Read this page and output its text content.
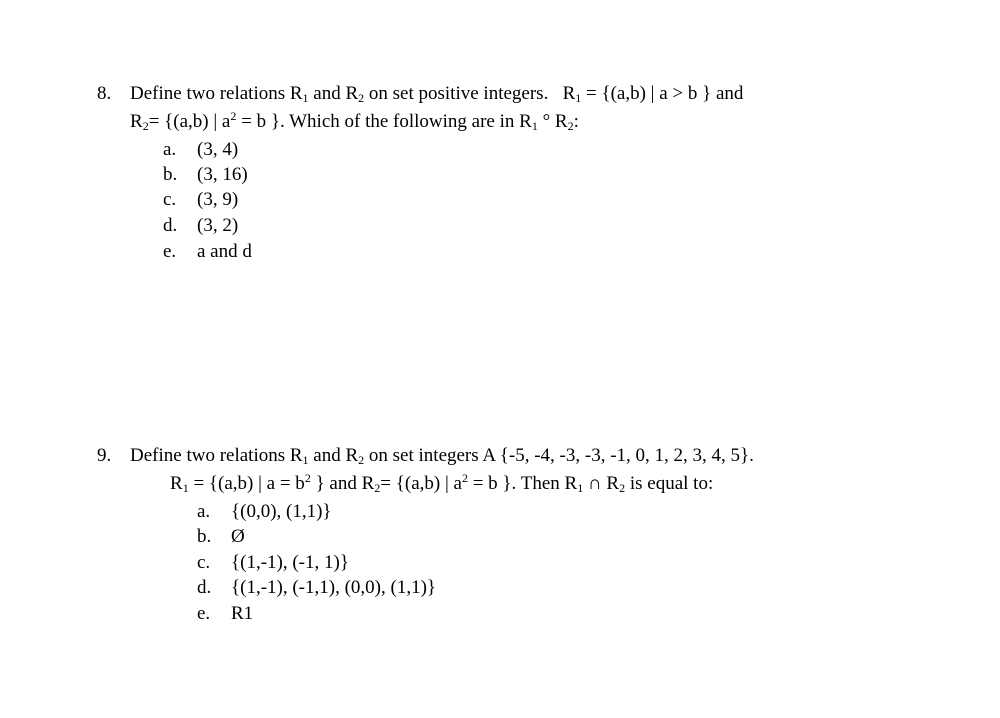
8. Define two relations $R_1$ and $R_2$ on set positive integers.   $R_1 = \{(a,b)$ | a > b } and
$R_2= \{(a,b)$ | $a^2 = b$ }. Which of the following are in $R_1$ ° $R_2$:
a. (3, 4)
b. (3, 16)
c. (3, 9)
d. (3, 2)
e. a and d
9. Define two relations $R_1$ and $R_2$ on set integers A {-5, -4, -3, -3, -1, 0, 1, 2, 3, 4, 5}.
$R_1 = \{(a,b)$ | $a = b^2$ } and $R_2= \{(a,b)$ | $a^2 = b$ }. Then $R_1$ ∩ $R_2$ is equal to:
a. {(0,0), (1,1)}
b. Ø
c. {(1,-1), (-1, 1)}
d. {(1,-1), (-1,1), (0,0), (1,1)}
e. R1
